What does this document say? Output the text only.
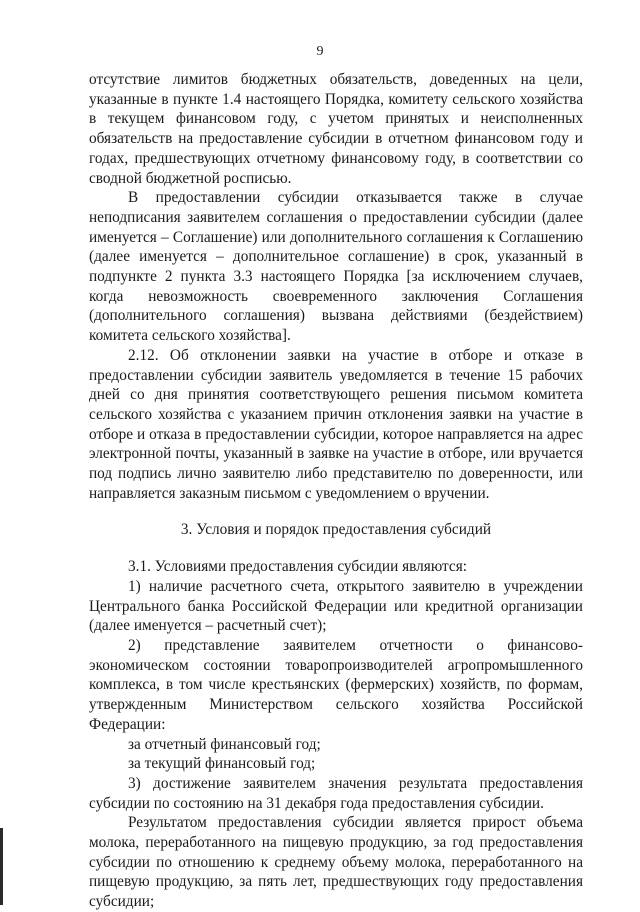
9

отсутствие лимитов бюджетных обязательств, доведенных на цели, указанные в пункте 1.4 настоящего Порядка, комитету сельского хозяйства в текущем финансовом году, с учетом принятых и неисполненных обязательств на предоставление субсидии в отчетном финансовом году и годах, предшествующих отчетному финансовому году, в соответствии со сводной бюджетной росписью.

В предоставлении субсидии отказывается также в случае неподписания заявителем соглашения о предоставлении субсидии (далее именуется – Соглашение) или дополнительного соглашения к Соглашению (далее именуется – дополнительное соглашение) в срок, указанный в подпункте 2 пункта 3.3 настоящего Порядка [за исключением случаев, когда невозможность своевременного заключения Соглашения (дополнительного соглашения) вызвана действиями (бездействием) комитета сельского хозяйства].

2.12. Об отклонении заявки на участие в отборе и отказе в предоставлении субсидии заявитель уведомляется в течение 15 рабочих дней со дня принятия соответствующего решения письмом комитета сельского хозяйства с указанием причин отклонения заявки на участие в отборе и отказа в предоставлении субсидии, которое направляется на адрес электронной почты, указанный в заявке на участие в отборе, или вручается под подпись лично заявителю либо представителю по доверенности, или направляется заказным письмом с уведомлением о вручении.

3. Условия и порядок предоставления субсидий

3.1. Условиями предоставления субсидии являются:

1) наличие расчетного счета, открытого заявителю в учреждении Центрального банка Российской Федерации или кредитной организации (далее именуется – расчетный счет);

2) представление заявителем отчетности о финансово-экономическом состоянии товаропроизводителей агропромышленного комплекса, в том числе крестьянских (фермерских) хозяйств, по формам, утвержденным Министерством сельского хозяйства Российской Федерации:

за отчетный финансовый год;

за текущий финансовый год;

3) достижение заявителем значения результата предоставления субсидии по состоянию на 31 декабря года предоставления субсидии.

Результатом предоставления субсидии является прирост объема молока, переработанного на пищевую продукцию, за год предоставления субсидии по отношению к среднему объему молока, переработанного на пищевую продукцию, за пять лет, предшествующих году предоставления субсидии;
